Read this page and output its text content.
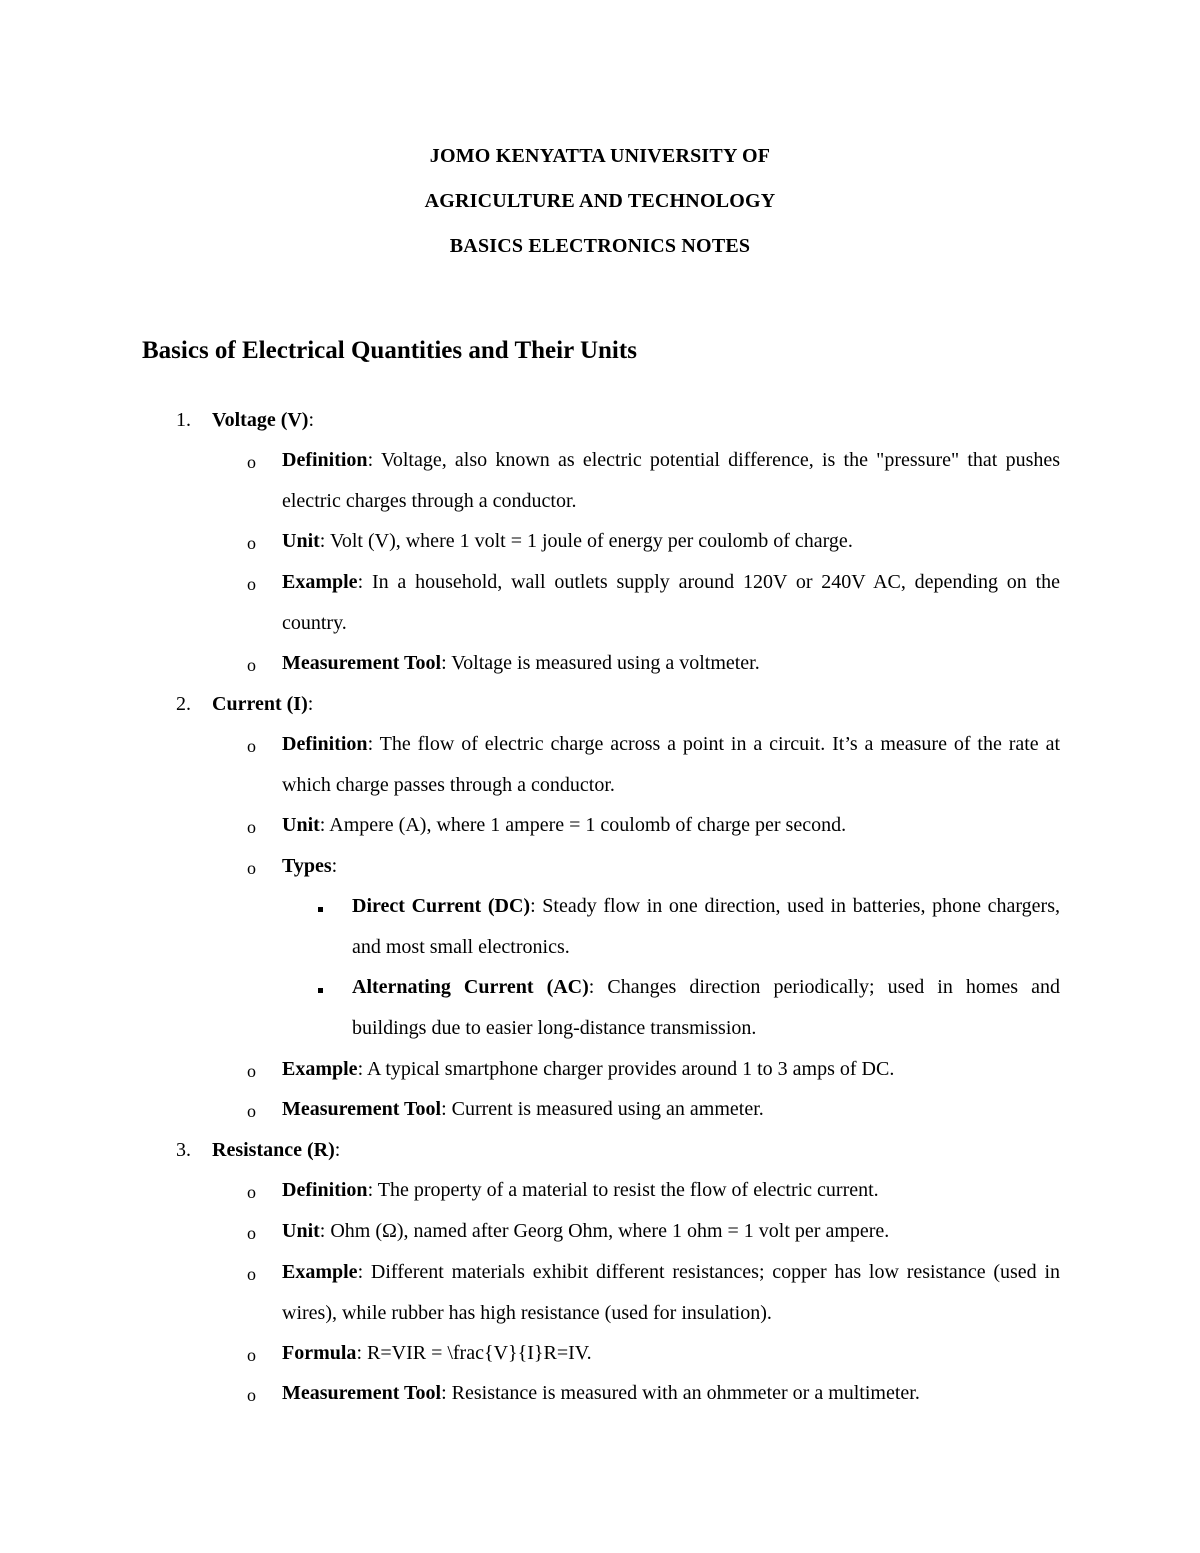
JOMO KENYATTA UNIVERSITY OF
AGRICULTURE AND TECHNOLOGY
BASICS ELECTRONICS NOTES
Basics of Electrical Quantities and Their Units
1. Voltage (V):
o Definition: Voltage, also known as electric potential difference, is the "pressure" that pushes electric charges through a conductor.
o Unit: Volt (V), where 1 volt = 1 joule of energy per coulomb of charge.
o Example: In a household, wall outlets supply around 120V or 240V AC, depending on the country.
o Measurement Tool: Voltage is measured using a voltmeter.
2. Current (I):
o Definition: The flow of electric charge across a point in a circuit. It’s a measure of the rate at which charge passes through a conductor.
o Unit: Ampere (A), where 1 ampere = 1 coulomb of charge per second.
o Types:
Direct Current (DC): Steady flow in one direction, used in batteries, phone chargers, and most small electronics.
Alternating Current (AC): Changes direction periodically; used in homes and buildings due to easier long-distance transmission.
o Example: A typical smartphone charger provides around 1 to 3 amps of DC.
o Measurement Tool: Current is measured using an ammeter.
3. Resistance (R):
o Definition: The property of a material to resist the flow of electric current.
o Unit: Ohm (Ω), named after Georg Ohm, where 1 ohm = 1 volt per ampere.
o Example: Different materials exhibit different resistances; copper has low resistance (used in wires), while rubber has high resistance (used for insulation).
o Formula: R=VIR = \frac{V}{I}R=IV.
o Measurement Tool: Resistance is measured with an ohmmeter or a multimeter.
